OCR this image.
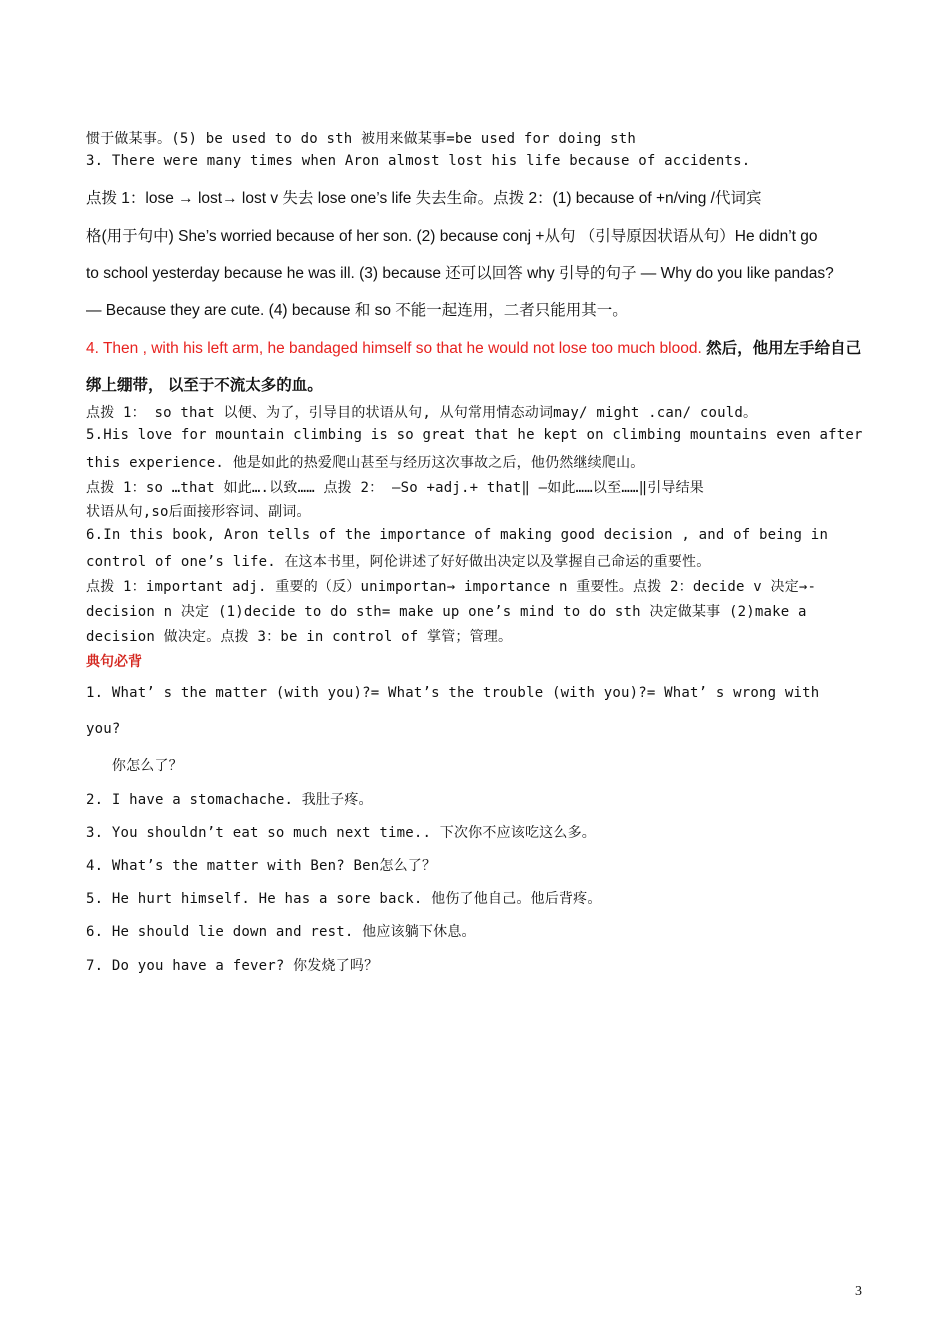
惯于做某事。(5) be used to do sth 被用来做某事=be used for doing sth
3. There were many times when Aron almost lost his life because of accidents.
点拨 1：lose → lost→ lost v 失去 lose one’s life 失去生命。点拨 2：(1) because of +n/ving /代词宾
格(用于句中) She’s worried because of her son. (2) because conj +从句 （引导原因状语从句）He didn’t go
to school yesterday because he was ill. (3) because 还可以回答 why 引导的句子 — Why do you like pandas?
— Because they are cute. (4) because 和 so 不能一起连用，二者只能用其一。
4. Then , with his left arm, he bandaged himself so that he would not lose too much blood. 然后，他用左手给自己
绑上绷带， 以至于不流太多的血。
点拨 1： so that 以便、为了，引导目的状语从句, 从句常用情态动词may/ might .can/ could。
5.His love for mountain climbing is so great that he kept on climbing mountains even after
this experience. 他是如此的热爱爬山甚至与经历这次事故之后，他仍然继续爬山。
点拨 1：so …that 如此….以致…… 点拨 2： —So +adj.+ that‖ —如此……以至……‖引导结果
状语从句,so后面接形容词、副词。
6.In this book, Aron tells of the importance of making good decision , and of being in
control of one’s life. 在这本书里，阿伦讲述了好好做出决定以及掌握自己命运的重要性。
点拨 1：important adj. 重要的（反）unimportan→ importance n 重要性。点拨 2：decide v 决定→-
decision n 决定 (1)decide to do sth= make up one’s mind to do sth 决定做某事 (2)make a
decision 做决定。点拨 3：be in control of 掌管；管理。
典句必背
1. What’ s the matter (with you)?= What’s the trouble (with you)?= What’ s wrong with
you?
你怎么了？
2. I have a stomachache. 我肚子疼。
3. You shouldn’t eat so much next time.. 下次你不应该吃这么多。
4. What’s the matter with Ben? Ben怎么了？
5. He hurt himself. He has a sore back. 他伤了他自己。他后背疼。
6. He should lie down and rest. 他应该躺下休息。
7. Do you have a fever? 你发烧了吗？
3
